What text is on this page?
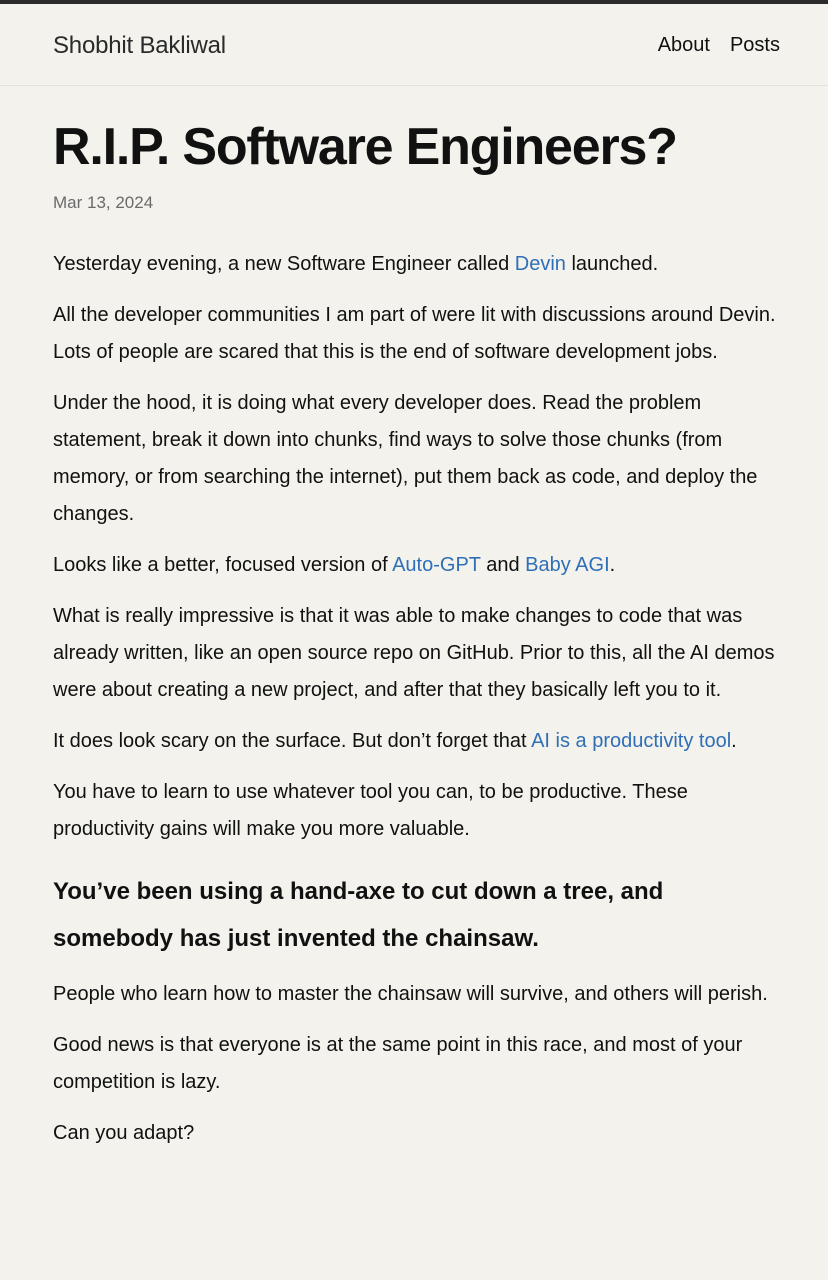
Shobhit Bakliwal	About Posts
R.I.P. Software Engineers?
Mar 13, 2024

Yesterday evening, a new Software Engineer called Devin launched.

All the developer communities I am part of were lit with discussions around Devin. Lots of people are scared that this is the end of software development jobs.

Under the hood, it is doing what every developer does. Read the problem statement, break it down into chunks, find ways to solve those chunks (from memory, or from searching the internet), put them back as code, and deploy the changes.

Looks like a better, focused version of Auto-GPT and Baby AGI.

What is really impressive is that it was able to make changes to code that was already written, like an open source repo on GitHub. Prior to this, all the AI demos were about creating a new project, and after that they basically left you to it.

It does look scary on the surface. But don’t forget that AI is a productivity tool.

You have to learn to use whatever tool you can, to be productive. These productivity gains will make you more valuable.

You’ve been using a hand-axe to cut down a tree, and somebody has just invented the chainsaw.

People who learn how to master the chainsaw will survive, and others will perish.

Good news is that everyone is at the same point in this race, and most of your competition is lazy.

Can you adapt?
